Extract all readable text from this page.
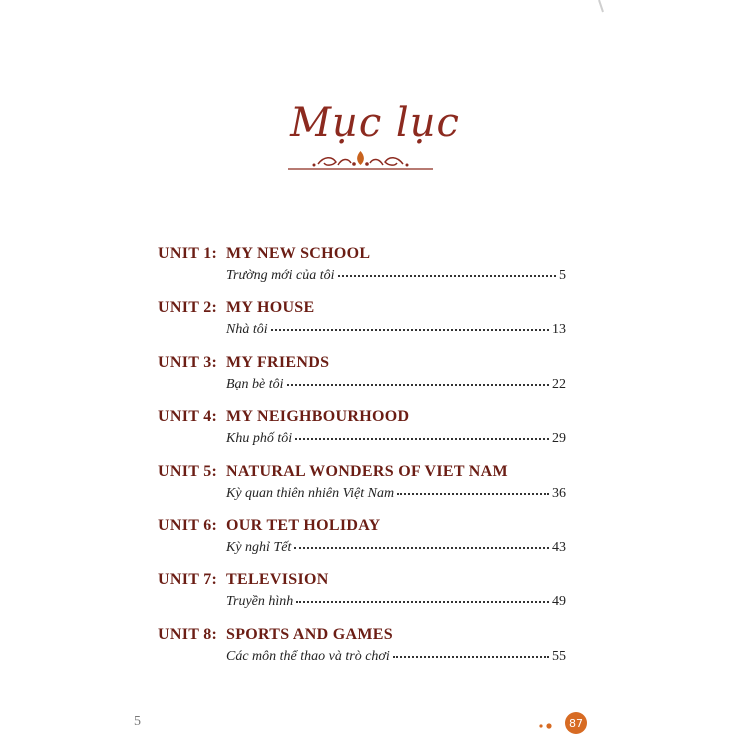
Mục lục
UNIT 1: MY NEW SCHOOL
Trường mới của tôi	5
UNIT 2: MY HOUSE
Nhà tôi	13
UNIT 3: MY FRIENDS
Bạn bè tôi	22
UNIT 4: MY NEIGHBOURHOOD
Khu phố tôi	29
UNIT 5: NATURAL WONDERS OF VIET NAM
Kỳ quan thiên nhiên Việt Nam	36
UNIT 6: OUR TET HOLIDAY
Kỳ nghỉ Tết	43
UNIT 7: TELEVISION
Truyền hình	49
UNIT 8: SPORTS AND GAMES
Các môn thể thao và trò chơi	55
5	87
